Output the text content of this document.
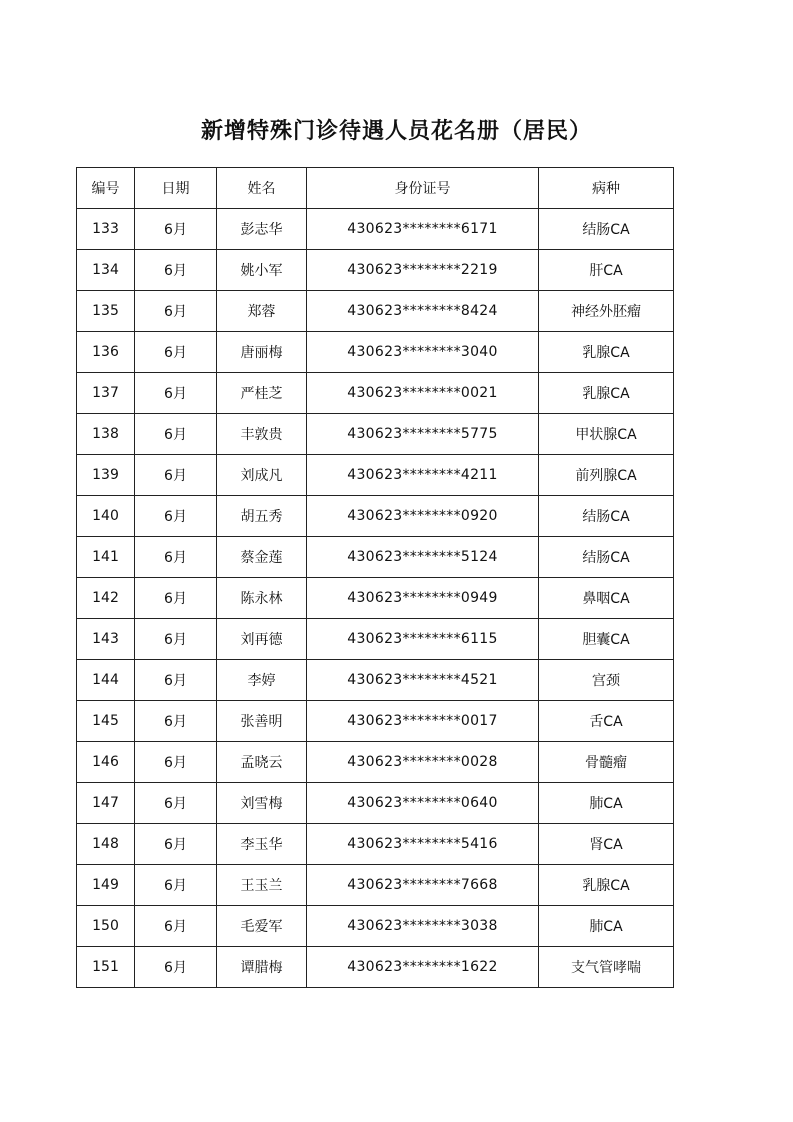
新增特殊门诊待遇人员花名册（居民）
编号	日期	姓名	身份证号	病种
133	6月	彭志华	430623********6171	结肠CA
134	6月	姚小军	430623********2219	肝CA
135	6月	郑蓉	430623********8424	神经外胚瘤
136	6月	唐丽梅	430623********3040	乳腺CA
137	6月	严桂芝	430623********0021	乳腺CA
138	6月	丰敦贵	430623********5775	甲状腺CA
139	6月	刘成凡	430623********4211	前列腺CA
140	6月	胡五秀	430623********0920	结肠CA
141	6月	蔡金莲	430623********5124	结肠CA
142	6月	陈永林	430623********0949	鼻咽CA
143	6月	刘再德	430623********6115	胆囊CA
144	6月	李婷	430623********4521	宫颈
145	6月	张善明	430623********0017	舌CA
146	6月	孟晓云	430623********0028	骨髓瘤
147	6月	刘雪梅	430623********0640	肺CA
148	6月	李玉华	430623********5416	肾CA
149	6月	王玉兰	430623********7668	乳腺CA
150	6月	毛爱军	430623********3038	肺CA
151	6月	谭腊梅	430623********1622	支气管哮喘
